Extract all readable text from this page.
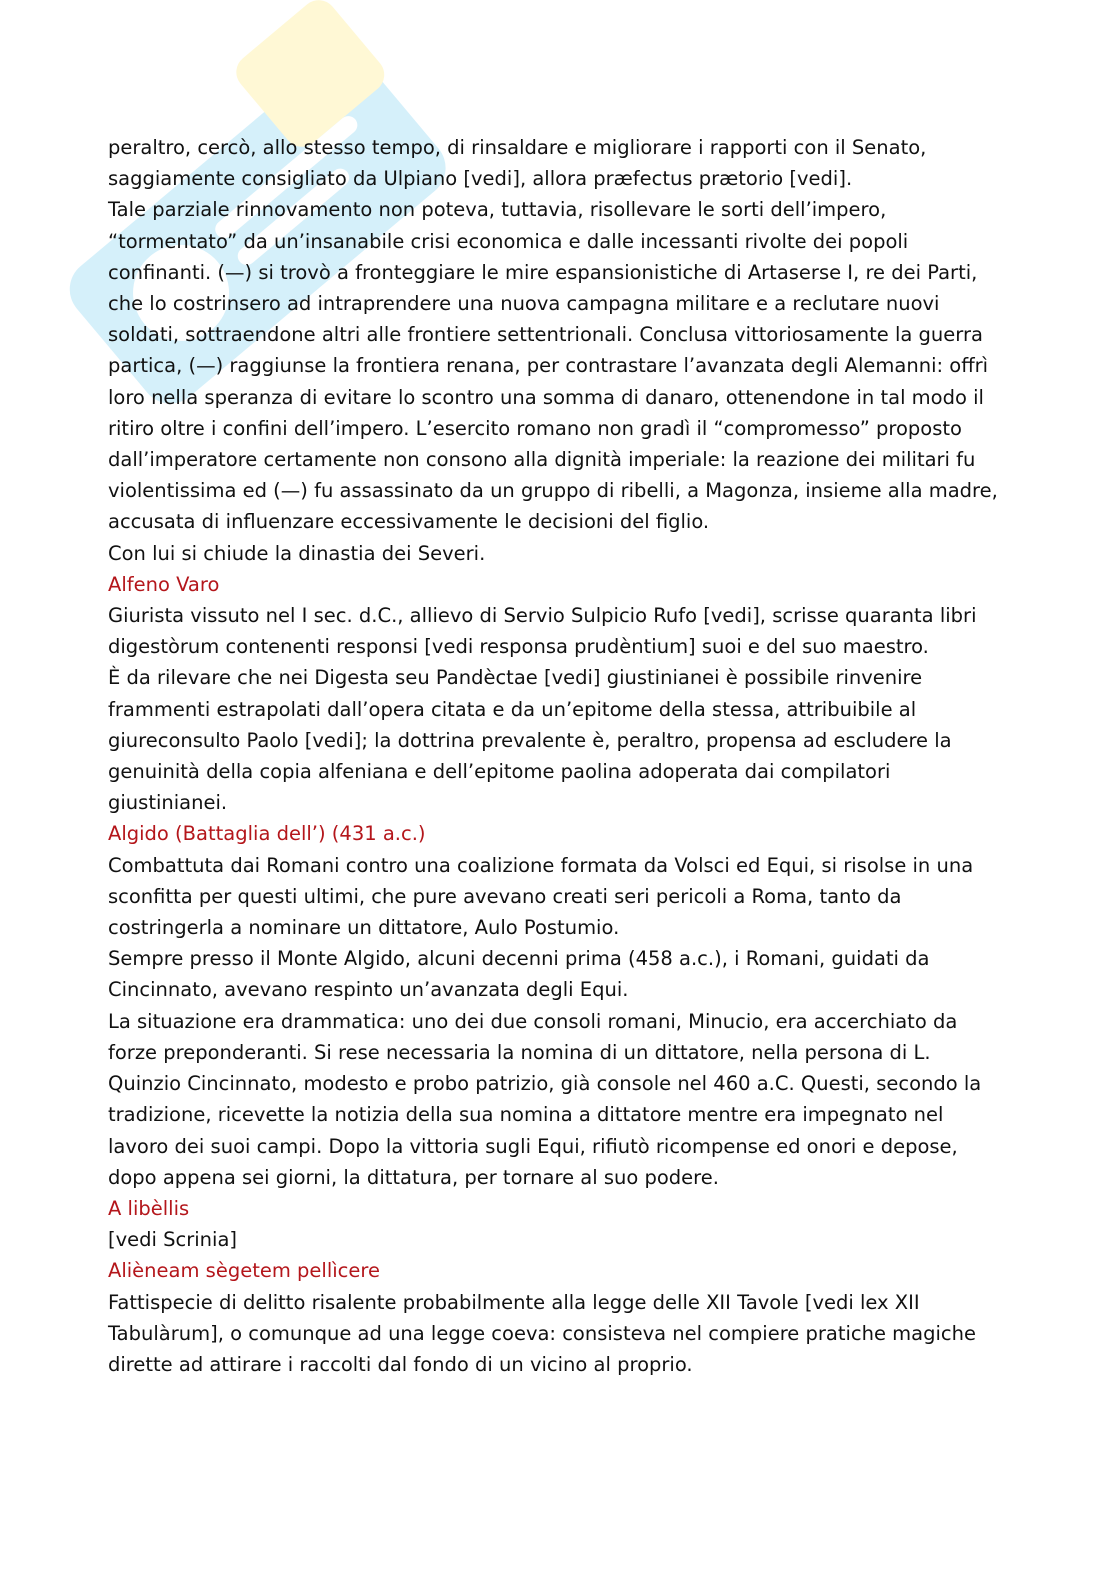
peraltro, cercò, allo stesso tempo, di rinsaldare e migliorare i rapporti con il Senato, saggiamente consigliato da Ulpiano [vedi], allora præfectus prætorio [vedi].

Tale parziale rinnovamento non poteva, tuttavia, risollevare le sorti dell’impero, “tormentato” da un’insanabile crisi economica e dalle incessanti rivolte dei popoli confinanti. (—) si trovò a fronteggiare le mire espansionistiche di Artaserse I, re dei Parti, che lo costrinsero ad intraprendere una nuova campagna militare e a reclutare nuovi soldati, sottraendone altri alle frontiere settentrionali. Conclusa vittoriosamente la guerra partica, (—) raggiunse la frontiera renana, per contrastare l’avanzata degli Alemanni: offrì loro nella speranza di evitare lo scontro una somma di danaro, ottenendone in tal modo il ritiro oltre i confini dell’impero. L’esercito romano non gradì il “compromesso” proposto dall’imperatore certamente non consono alla dignità imperiale: la reazione dei militari fu violentissima ed (—) fu assassinato da un gruppo di ribelli, a Magonza, insieme alla madre, accusata di influenzare eccessivamente le decisioni del figlio.

Con lui si chiude la dinastia dei Severi.

Alfeno Varo

Giurista vissuto nel I sec. d.C., allievo di Servio Sulpicio Rufo [vedi], scrisse quaranta libri digestòrum contenenti responsi [vedi responsa prudèntium] suoi e del suo maestro.

È da rilevare che nei Digesta seu Pandèctae [vedi] giustinianei è possibile rinvenire frammenti estrapolati dall’opera citata e da un’epitome della stessa, attribuibile al giureconsulto Paolo [vedi]; la dottrina prevalente è, peraltro, propensa ad escludere la genuinità della copia alfeniana e dell’epitome paolina adoperata dai compilatori giustinianei.

Algido (Battaglia dell’) (431 a.c.)

Combattuta dai Romani contro una coalizione formata da Volsci ed Equi, si risolse in una sconfitta per questi ultimi, che pure avevano creati seri pericoli a Roma, tanto da costringerla a nominare un dittatore, Aulo Postumio.

Sempre presso il Monte Algido, alcuni decenni prima (458 a.c.), i Romani, guidati da Cincinnato, avevano respinto un’avanzata degli Equi.

La situazione era drammatica: uno dei due consoli romani, Minucio, era accerchiato da forze preponderanti. Si rese necessaria la nomina di un dittatore, nella persona di L. Quinzio Cincinnato, modesto e probo patrizio, già console nel 460 a.C. Questi, secondo la tradizione, ricevette la notizia della sua nomina a dittatore mentre era impegnato nel lavoro dei suoi campi. Dopo la vittoria sugli Equi, rifiutò ricompense ed onori e depose, dopo appena sei giorni, la dittatura, per tornare al suo podere.

A libèllis

[vedi Scrinia]

Alièneam sègetem pellìcere

Fattispecie di delitto risalente probabilmente alla legge delle XII Tavole [vedi lex XII Tabulàrum], o comunque ad una legge coeva: consisteva nel compiere pratiche magiche dirette ad attirare i raccolti dal fondo di un vicino al proprio.
